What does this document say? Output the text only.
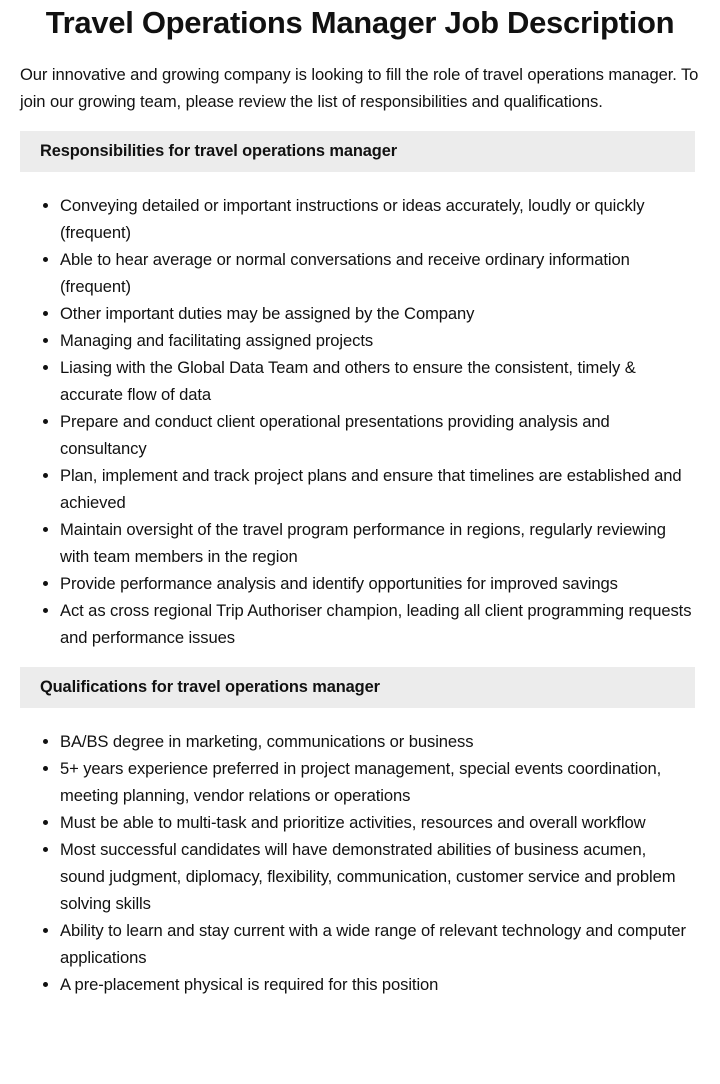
Travel Operations Manager Job Description

Our innovative and growing company is looking to fill the role of travel operations manager. To join our growing team, please review the list of responsibilities and qualifications.

Responsibilities for travel operations manager
• Conveying detailed or important instructions or ideas accurately, loudly or quickly (frequent)
• Able to hear average or normal conversations and receive ordinary information (frequent)
• Other important duties may be assigned by the Company
• Managing and facilitating assigned projects
• Liasing with the Global Data Team and others to ensure the consistent, timely & accurate flow of data
• Prepare and conduct client operational presentations providing analysis and consultancy
• Plan, implement and track project plans and ensure that timelines are established and achieved
• Maintain oversight of the travel program performance in regions, regularly reviewing with team members in the region
• Provide performance analysis and identify opportunities for improved savings
• Act as cross regional Trip Authoriser champion, leading all client programming requests and performance issues
Qualifications for travel operations manager
• BA/BS degree in marketing, communications or business
• 5+ years experience preferred in project management, special events coordination, meeting planning, vendor relations or operations
• Must be able to multi-task and prioritize activities, resources and overall workflow
• Most successful candidates will have demonstrated abilities of business acumen, sound judgment, diplomacy, flexibility, communication, customer service and problem solving skills
• Ability to learn and stay current with a wide range of relevant technology and computer applications
• A pre-placement physical is required for this position
